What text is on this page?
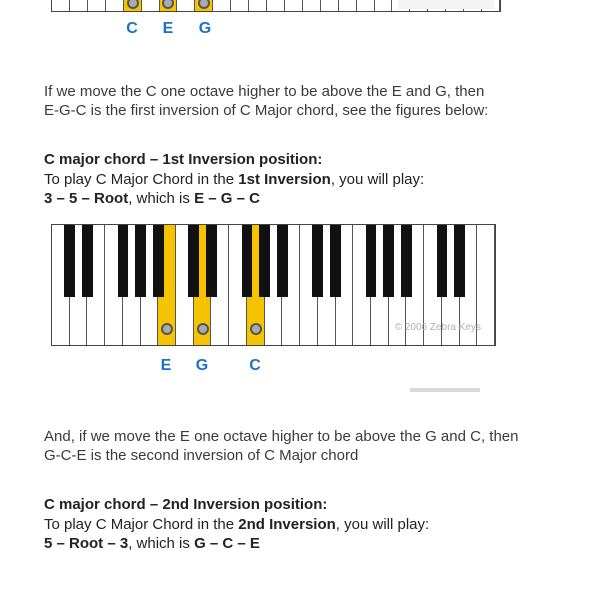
C	E	G
If we move the C one octave higher to be above the E and G, then
E-G-C is the first inversion of C Major chord, see the figures below:
C major chord – 1st Inversion position:
To play C Major Chord in the 1st Inversion, you will play:
3 – 5 – Root, which is E – G – C
© 2006 Zebra Keys
E	G	C
And, if we move the E one octave higher to be above the G and C, then
G-C-E is the second inversion of C Major chord
C major chord – 2nd Inversion position:
To play C Major Chord in the 2nd Inversion, you will play:
5 – Root – 3, which is G – C – E
